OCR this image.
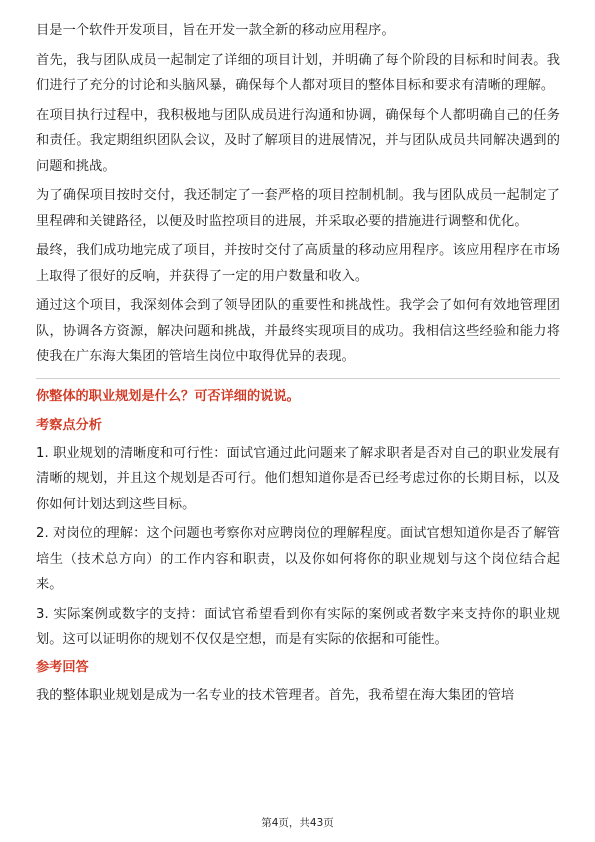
目是一个软件开发项目，旨在开发一款全新的移动应用程序。

首先，我与团队成员一起制定了详细的项目计划，并明确了每个阶段的目标和时间表。我们进行了充分的讨论和头脑风暴，确保每个人都对项目的整体目标和要求有清晰的理解。

在项目执行过程中，我积极地与团队成员进行沟通和协调，确保每个人都明确自己的任务和责任。我定期组织团队会议，及时了解项目的进展情况，并与团队成员共同解决遇到的问题和挑战。

为了确保项目按时交付，我还制定了一套严格的项目控制机制。我与团队成员一起制定了里程碑和关键路径，以便及时监控项目的进展，并采取必要的措施进行调整和优化。

最终，我们成功地完成了项目，并按时交付了高质量的移动应用程序。该应用程序在市场上取得了很好的反响，并获得了一定的用户数量和收入。

通过这个项目，我深刻体会到了领导团队的重要性和挑战性。我学会了如何有效地管理团队，协调各方资源，解决问题和挑战，并最终实现项目的成功。我相信这些经验和能力将使我在广东海大集团的管培生岗位中取得优异的表现。

你整体的职业规划是什么？可否详细的说说。

考察点分析

1. 职业规划的清晰度和可行性：面试官通过此问题来了解求职者是否对自己的职业发展有清晰的规划，并且这个规划是否可行。他们想知道你是否已经考虑过你的长期目标，以及你如何计划达到这些目标。

2. 对岗位的理解：这个问题也考察你对应聘岗位的理解程度。面试官想知道你是否了解管培生（技术总方向）的工作内容和职责，以及你如何将你的职业规划与这个岗位结合起来。

3. 实际案例或数字的支持：面试官希望看到你有实际的案例或者数字来支持你的职业规划。这可以证明你的规划不仅仅是空想，而是有实际的依据和可能性。

参考回答

我的整体职业规划是成为一名专业的技术管理者。首先，我希望在海大集团的管培

第4页，共43页
